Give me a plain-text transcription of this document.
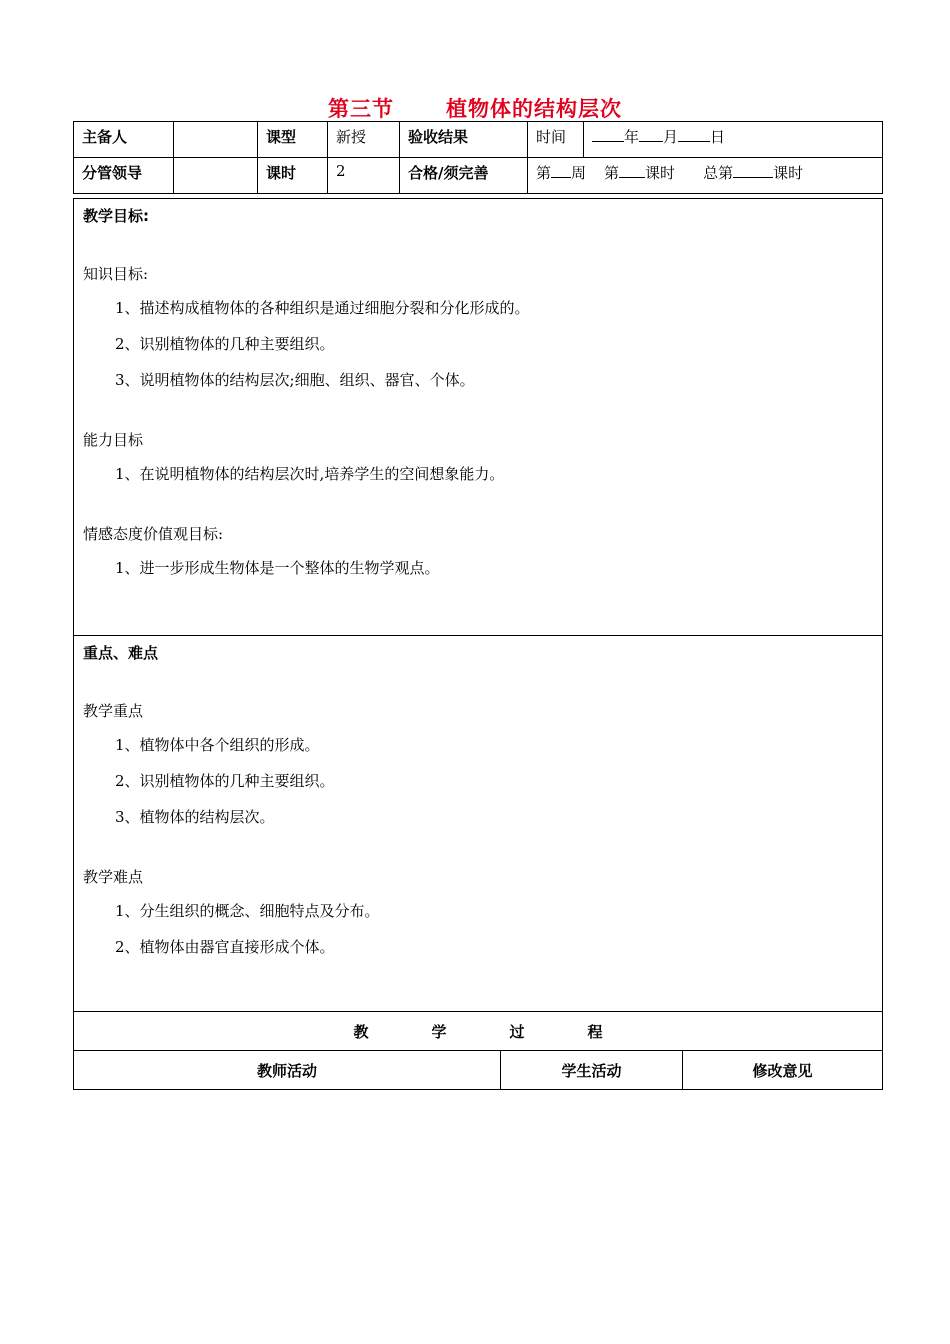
第三节 植物体的结构层次
主备人		课型	新授	验收结果	时间	年 月 日
分管领导		课时	2	合格/须完善	第 周 第 课时 总第 课时	
教学目标:
知识目标:
1、描述构成植物体的各种组织是通过细胞分裂和分化形成的。
2、识别植物体的几种主要组织。
3、说明植物体的结构层次;细胞、组织、器官、个体。
能力目标
1、在说明植物体的结构层次时,培养学生的空间想象能力。
情感态度价值观目标:
1、进一步形成生物体是一个整体的生物学观点。

重点、难点
教学重点
1、植物体中各个组织的形成。
2、识别植物体的几种主要组织。
3、植物体的结构层次。
教学难点
1、分生组织的概念、细胞特点及分布。
2、植物体由器官直接形成个体。

教	学	过	程
教师活动	学生活动	修改意见
